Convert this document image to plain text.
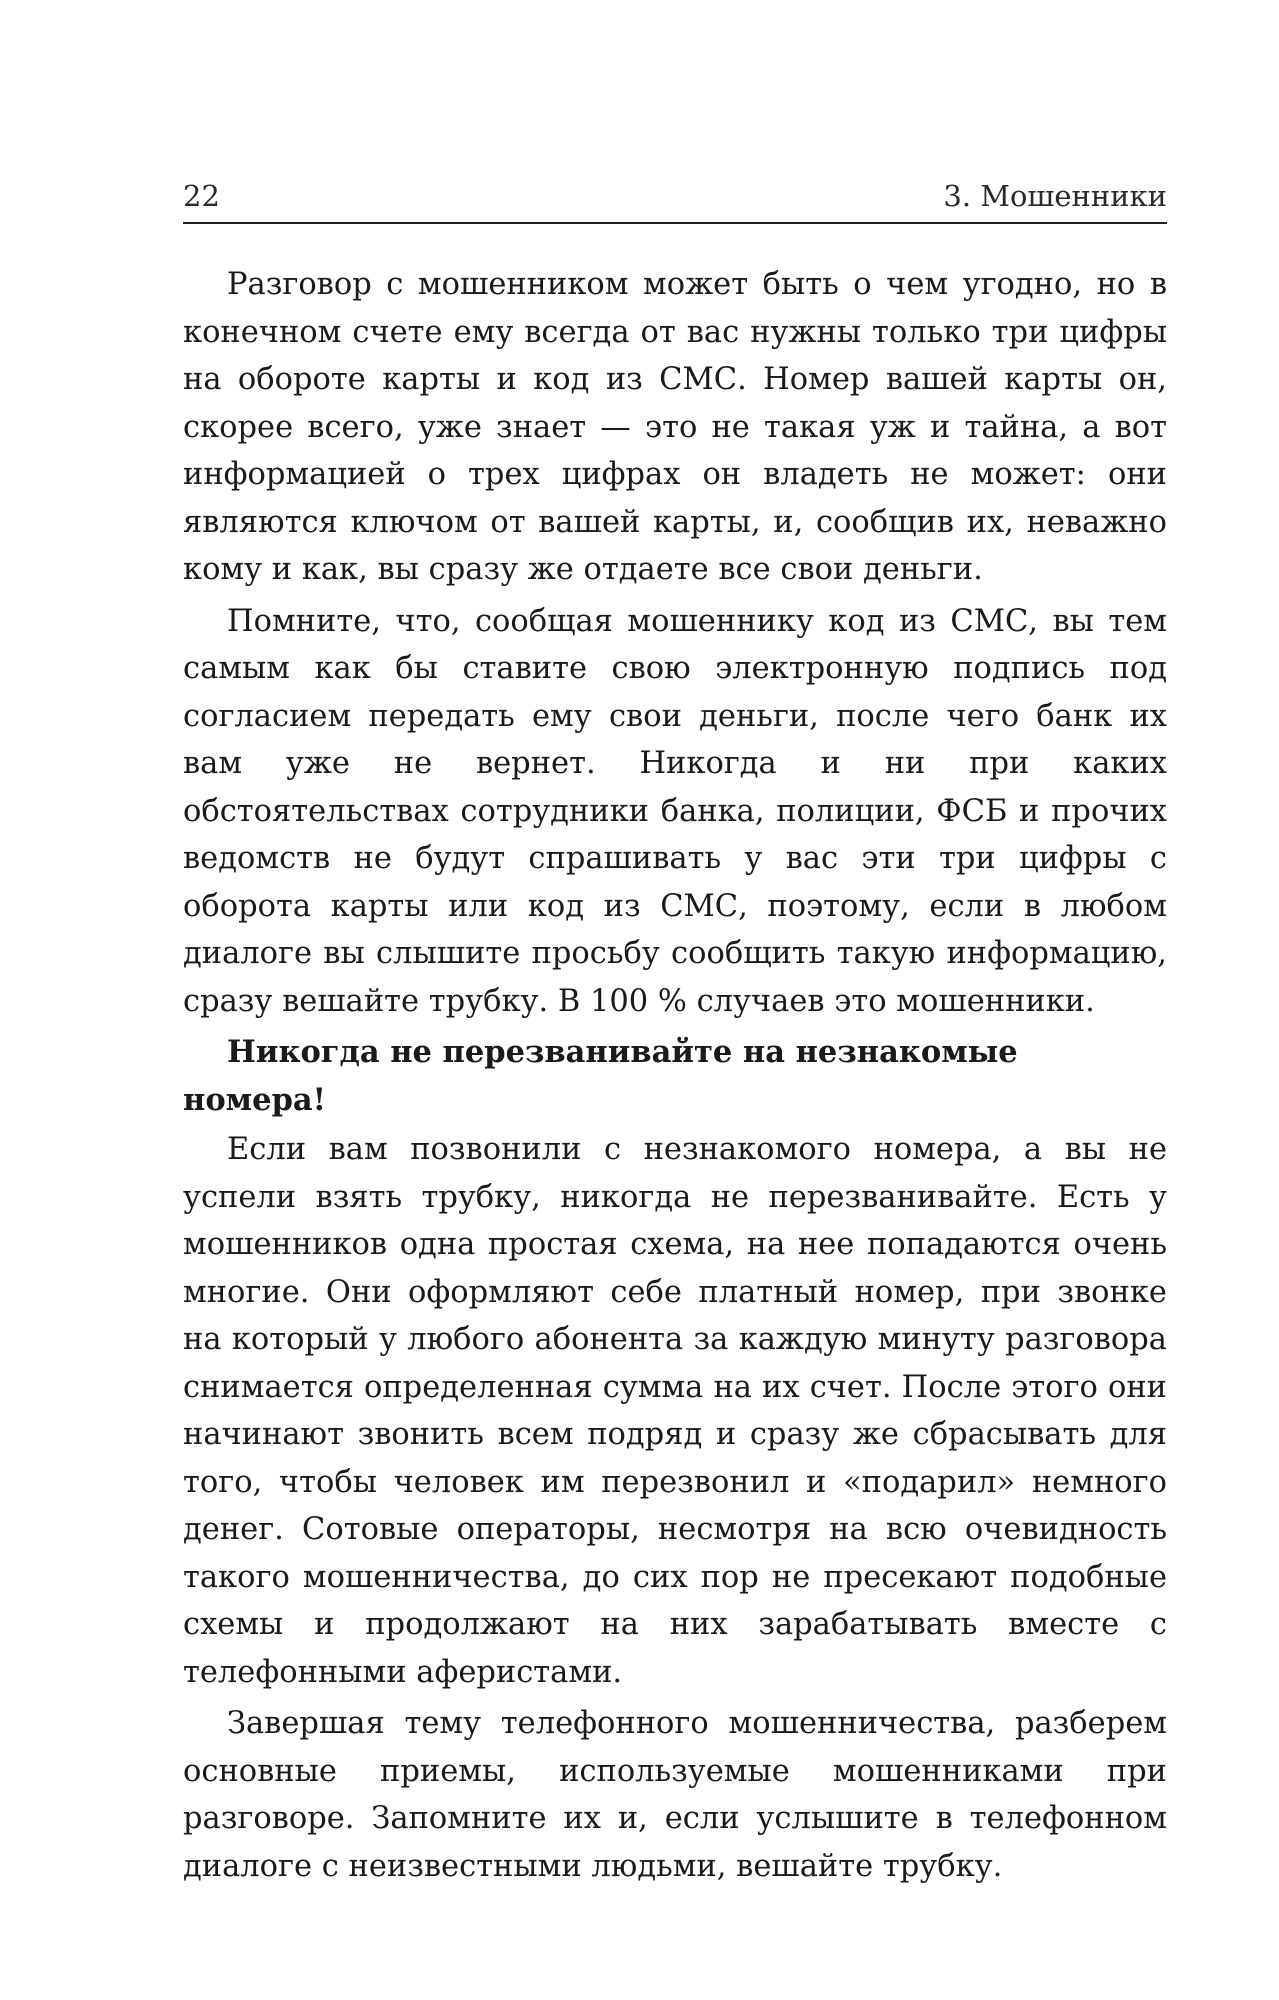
22	3. Мошенники

Разговор с мошенником может быть о чем угодно, но в конечном счете ему всегда от вас нужны только три цифры на обороте карты и код из СМС. Номер вашей карты он, скорее всего, уже знает — это не такая уж и тайна, а вот информацией о трех цифрах он владеть не может: они являются ключом от вашей карты, и, сообщив их, неважно кому и как, вы сразу же отдаете все свои деньги.

Помните, что, сообщая мошеннику код из СМС, вы тем самым как бы ставите свою электронную подпись под согласием передать ему свои деньги, после чего банк их вам уже не вернет. Никогда и ни при каких обстоятельствах сотрудники банка, полиции, ФСБ и прочих ведомств не будут спрашивать у вас эти три цифры с оборота карты или код из СМС, поэтому, если в любом диалоге вы слышите просьбу сообщить такую информацию, сразу вешайте трубку. В 100 % случаев это мошенники.

Никогда не перезванивайте на незнакомые номера!

Если вам позвонили с незнакомого номера, а вы не успели взять трубку, никогда не перезванивайте. Есть у мошенников одна простая схема, на нее попадаются очень многие. Они оформляют себе платный номер, при звонке на который у любого абонента за каждую минуту разговора снимается определенная сумма на их счет. После этого они начинают звонить всем подряд и сразу же сбрасывать для того, чтобы человек им перезвонил и «подарил» немного денег. Сотовые операторы, несмотря на всю очевидность такого мошенничества, до сих пор не пресекают подобные схемы и продолжают на них зарабатывать вместе с телефонными аферистами.

Завершая тему телефонного мошенничества, разберем основные приемы, используемые мошенниками при разговоре. Запомните их и, если услышите в телефонном диалоге с неизвестными людьми, вешайте трубку.
